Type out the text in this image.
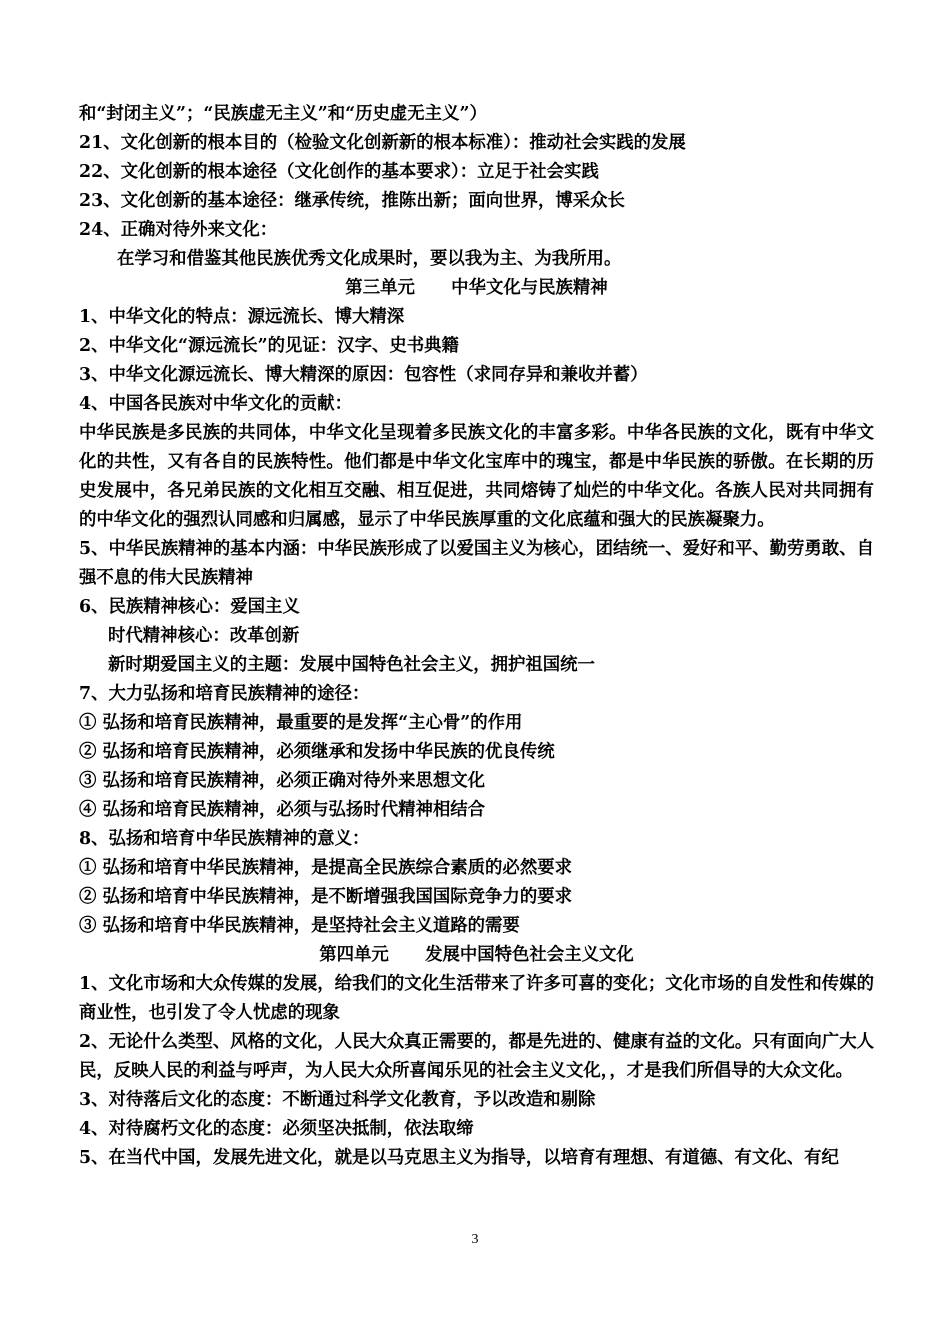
和“封闭主义”；“民族虚无主义”和“历史虚无主义”）
21、文化创新的根本目的（检验文化创新新的根本标准）：推动社会实践的发展
22、文化创新的根本途径（文化创作的基本要求）：立足于社会实践
23、文化创新的基本途径：继承传统，推陈出新；面向世界，博采众长
24、正确对待外来文化：
在学习和借鉴其他民族优秀文化成果时，要以我为主、为我所用。
第三单元      中华文化与民族精神
1、中华文化的特点：源远流长、博大精深
2、中华文化“源远流长”的见证：汉字、史书典籍
3、中华文化源远流长、博大精深的原因：包容性（求同存异和兼收并蓄）
4、中国各民族对中华文化的贡献：
中华民族是多民族的共同体，中华文化呈现着多民族文化的丰富多彩。中华各民族的文化，既有中华文化的共性，又有各自的民族特性。他们都是中华文化宝库中的瑰宝，都是中华民族的骄傲。在长期的历史发展中，各兄弟民族的文化相互交融、相互促进，共同熔铸了灿烂的中华文化。各族人民对共同拥有的中华文化的强烈认同感和归属感，显示了中华民族厚重的文化底蕴和强大的民族凝聚力。
5、中华民族精神的基本内涵：中华民族形成了以爱国主义为核心，团结统一、爱好和平、勤劳勇敢、自强不息的伟大民族精神
6、民族精神核心：爱国主义
时代精神核心：改革创新
新时期爱国主义的主题：发展中国特色社会主义，拥护祖国统一
7、大力弘扬和培育民族精神的途径：
① 弘扬和培育民族精神，最重要的是发挥“主心骨”的作用
② 弘扬和培育民族精神，必须继承和发扬中华民族的优良传统
③ 弘扬和培育民族精神，必须正确对待外来思想文化
④ 弘扬和培育民族精神，必须与弘扬时代精神相结合
8、弘扬和培育中华民族精神的意义：
① 弘扬和培育中华民族精神，是提高全民族综合素质的必然要求
② 弘扬和培育中华民族精神，是不断增强我国国际竞争力的要求
③ 弘扬和培育中华民族精神，是坚持社会主义道路的需要
第四单元      发展中国特色社会主义文化
1、文化市场和大众传媒的发展，给我们的文化生活带来了许多可喜的变化；文化市场的自发性和传媒的商业性，也引发了令人忧虑的现象
2、无论什么类型、风格的文化，人民大众真正需要的，都是先进的、健康有益的文化。只有面向广大人民，反映人民的利益与呼声，为人民大众所喜闻乐见的社会主义文化，，才是我们所倡导的大众文化。
3、对待落后文化的态度：不断通过科学文化教育，予以改造和剔除
4、对待腐朽文化的态度：必须坚决抵制，依法取缔
5、在当代中国，发展先进文化，就是以马克思主义为指导，以培育有理想、有道德、有文化、有纪
3
